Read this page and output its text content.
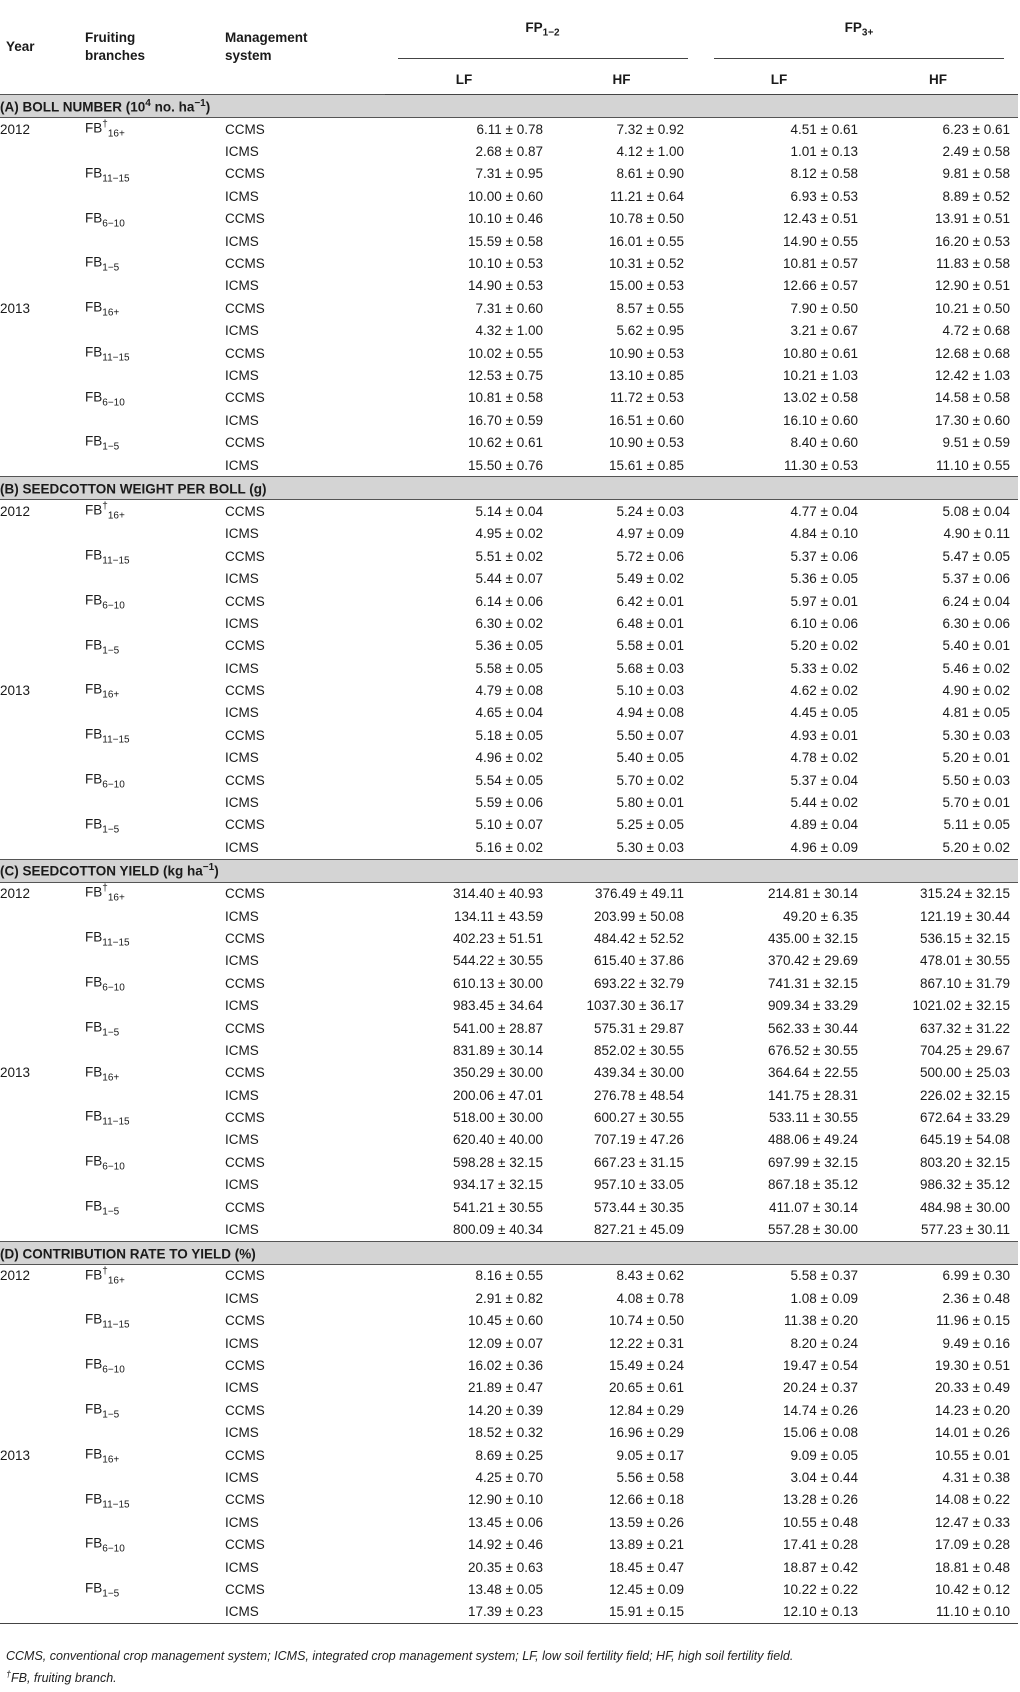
Year	Fruiting branches	Management system	$FP_{1-2}$		$FP_{3+}$

			LF	HF	LF	HF
(A) BOLL NUMBER ($10^4$ no. $ha^{-1}$)						
2012	$FB^\dagger_{16+}$	CCMS	6.11 ± 0.78	7.32 ± 0.92	4.51 ± 0.61	6.23 ± 0.61
		ICMS	2.68 ± 0.87	4.12 ± 1.00	1.01 ± 0.13	2.49 ± 0.58
	$FB_{11-15}$	CCMS	7.31 ± 0.95	8.61 ± 0.90	8.12 ± 0.58	9.81 ± 0.58
		ICMS	10.00 ± 0.60	11.21 ± 0.64	6.93 ± 0.53	8.89 ± 0.52
	$FB_{6-10}$	CCMS	10.10 ± 0.46	10.78 ± 0.50	12.43 ± 0.51	13.91 ± 0.51
		ICMS	15.59 ± 0.58	16.01 ± 0.55	14.90 ± 0.55	16.20 ± 0.53
	$FB_{1-5}$	CCMS	10.10 ± 0.53	10.31 ± 0.52	10.81 ± 0.57	11.83 ± 0.58
		ICMS	14.90 ± 0.53	15.00 ± 0.53	12.66 ± 0.57	12.90 ± 0.51
2013	$FB_{16+}$	CCMS	7.31 ± 0.60	8.57 ± 0.55	7.90 ± 0.50	10.21 ± 0.50
		ICMS	4.32 ± 1.00	5.62 ± 0.95	3.21 ± 0.67	4.72 ± 0.68
	$FB_{11-15}$	CCMS	10.02 ± 0.55	10.90 ± 0.53	10.80 ± 0.61	12.68 ± 0.68
		ICMS	12.53 ± 0.75	13.10 ± 0.85	10.21 ± 1.03	12.42 ± 1.03
	$FB_{6-10}$	CCMS	10.81 ± 0.58	11.72 ± 0.53	13.02 ± 0.58	14.58 ± 0.58
		ICMS	16.70 ± 0.59	16.51 ± 0.60	16.10 ± 0.60	17.30 ± 0.60
	$FB_{1-5}$	CCMS	10.62 ± 0.61	10.90 ± 0.53	8.40 ± 0.60	9.51 ± 0.59
		ICMS	15.50 ± 0.76	15.61 ± 0.85	11.30 ± 0.53	11.10 ± 0.55
(B) SEEDCOTTON WEIGHT PER BOLL (g)						
2012	$FB^\dagger_{16+}$	CCMS	5.14 ± 0.04	5.24 ± 0.03	4.77 ± 0.04	5.08 ± 0.04
		ICMS	4.95 ± 0.02	4.97 ± 0.09	4.84 ± 0.10	4.90 ± 0.11
	$FB_{11-15}$	CCMS	5.51 ± 0.02	5.72 ± 0.06	5.37 ± 0.06	5.47 ± 0.05
		ICMS	5.44 ± 0.07	5.49 ± 0.02	5.36 ± 0.05	5.37 ± 0.06
	$FB_{6-10}$	CCMS	6.14 ± 0.06	6.42 ± 0.01	5.97 ± 0.01	6.24 ± 0.04
		ICMS	6.30 ± 0.02	6.48 ± 0.01	6.10 ± 0.06	6.30 ± 0.06
	$FB_{1-5}$	CCMS	5.36 ± 0.05	5.58 ± 0.01	5.20 ± 0.02	5.40 ± 0.01
		ICMS	5.58 ± 0.05	5.68 ± 0.03	5.33 ± 0.02	5.46 ± 0.02
2013	$FB_{16+}$	CCMS	4.79 ± 0.08	5.10 ± 0.03	4.62 ± 0.02	4.90 ± 0.02
		ICMS	4.65 ± 0.04	4.94 ± 0.08	4.45 ± 0.05	4.81 ± 0.05
	$FB_{11-15}$	CCMS	5.18 ± 0.05	5.50 ± 0.07	4.93 ± 0.01	5.30 ± 0.03
		ICMS	4.96 ± 0.02	5.40 ± 0.05	4.78 ± 0.02	5.20 ± 0.01
	$FB_{6-10}$	CCMS	5.54 ± 0.05	5.70 ± 0.02	5.37 ± 0.04	5.50 ± 0.03
		ICMS	5.59 ± 0.06	5.80 ± 0.01	5.44 ± 0.02	5.70 ± 0.01
	$FB_{1-5}$	CCMS	5.10 ± 0.07	5.25 ± 0.05	4.89 ± 0.04	5.11 ± 0.05
		ICMS	5.16 ± 0.02	5.30 ± 0.03	4.96 ± 0.09	5.20 ± 0.02
(C) SEEDCOTTON YIELD (kg $ha^{-1}$)						
2012	$FB^\dagger_{16+}$	CCMS	314.40 ± 40.93	376.49 ± 49.11	214.81 ± 30.14	315.24 ± 32.15
		ICMS	134.11 ± 43.59	203.99 ± 50.08	49.20 ± 6.35	121.19 ± 30.44
	$FB_{11-15}$	CCMS	402.23 ± 51.51	484.42 ± 52.52	435.00 ± 32.15	536.15 ± 32.15
		ICMS	544.22 ± 30.55	615.40 ± 37.86	370.42 ± 29.69	478.01 ± 30.55
	$FB_{6-10}$	CCMS	610.13 ± 30.00	693.22 ± 32.79	741.31 ± 32.15	867.10 ± 31.79
		ICMS	983.45 ± 34.64	1037.30 ± 36.17	909.34 ± 33.29	1021.02 ± 32.15
	$FB_{1-5}$	CCMS	541.00 ± 28.87	575.31 ± 29.87	562.33 ± 30.44	637.32 ± 31.22
		ICMS	831.89 ± 30.14	852.02 ± 30.55	676.52 ± 30.55	704.25 ± 29.67
2013	$FB_{16+}$	CCMS	350.29 ± 30.00	439.34 ± 30.00	364.64 ± 22.55	500.00 ± 25.03
		ICMS	200.06 ± 47.01	276.78 ± 48.54	141.75 ± 28.31	226.02 ± 32.15
	$FB_{11-15}$	CCMS	518.00 ± 30.00	600.27 ± 30.55	533.11 ± 30.55	672.64 ± 33.29
		ICMS	620.40 ± 40.00	707.19 ± 47.26	488.06 ± 49.24	645.19 ± 54.08
	$FB_{6-10}$	CCMS	598.28 ± 32.15	667.23 ± 31.15	697.99 ± 32.15	803.20 ± 32.15
		ICMS	934.17 ± 32.15	957.10 ± 33.05	867.18 ± 35.12	986.32 ± 35.12
	$FB_{1-5}$	CCMS	541.21 ± 30.55	573.44 ± 30.35	411.07 ± 30.14	484.98 ± 30.00
		ICMS	800.09 ± 40.34	827.21 ± 45.09	557.28 ± 30.00	577.23 ± 30.11
(D) CONTRIBUTION RATE TO YIELD (%)						
2012	$FB^\dagger_{16+}$	CCMS	8.16 ± 0.55	8.43 ± 0.62	5.58 ± 0.37	6.99 ± 0.30
		ICMS	2.91 ± 0.82	4.08 ± 0.78	1.08 ± 0.09	2.36 ± 0.48
	$FB_{11-15}$	CCMS	10.45 ± 0.60	10.74 ± 0.50	11.38 ± 0.20	11.96 ± 0.15
		ICMS	12.09 ± 0.07	12.22 ± 0.31	8.20 ± 0.24	9.49 ± 0.16
	$FB_{6-10}$	CCMS	16.02 ± 0.36	15.49 ± 0.24	19.47 ± 0.54	19.30 ± 0.51
		ICMS	21.89 ± 0.47	20.65 ± 0.61	20.24 ± 0.37	20.33 ± 0.49
	$FB_{1-5}$	CCMS	14.20 ± 0.39	12.84 ± 0.29	14.74 ± 0.26	14.23 ± 0.20
		ICMS	18.52 ± 0.32	16.96 ± 0.29	15.06 ± 0.08	14.01 ± 0.26
2013	$FB_{16+}$	CCMS	8.69 ± 0.25	9.05 ± 0.17	9.09 ± 0.05	10.55 ± 0.01
		ICMS	4.25 ± 0.70	5.56 ± 0.58	3.04 ± 0.44	4.31 ± 0.38
	$FB_{11-15}$	CCMS	12.90 ± 0.10	12.66 ± 0.18	13.28 ± 0.26	14.08 ± 0.22
		ICMS	13.45 ± 0.06	13.59 ± 0.26	10.55 ± 0.48	12.47 ± 0.33
	$FB_{6-10}$	CCMS	14.92 ± 0.46	13.89 ± 0.21	17.41 ± 0.28	17.09 ± 0.28
		ICMS	20.35 ± 0.63	18.45 ± 0.47	18.87 ± 0.42	18.81 ± 0.48
	$FB_{1-5}$	CCMS	13.48 ± 0.05	12.45 ± 0.09	10.22 ± 0.22	10.42 ± 0.12
		ICMS	17.39 ± 0.23	15.91 ± 0.15	12.10 ± 0.13	11.10 ± 0.10
CCMS, conventional crop management system; ICMS, integrated crop management system; LF, low soil fertility field; HF, high soil fertility field.
†FB, fruiting branch.
